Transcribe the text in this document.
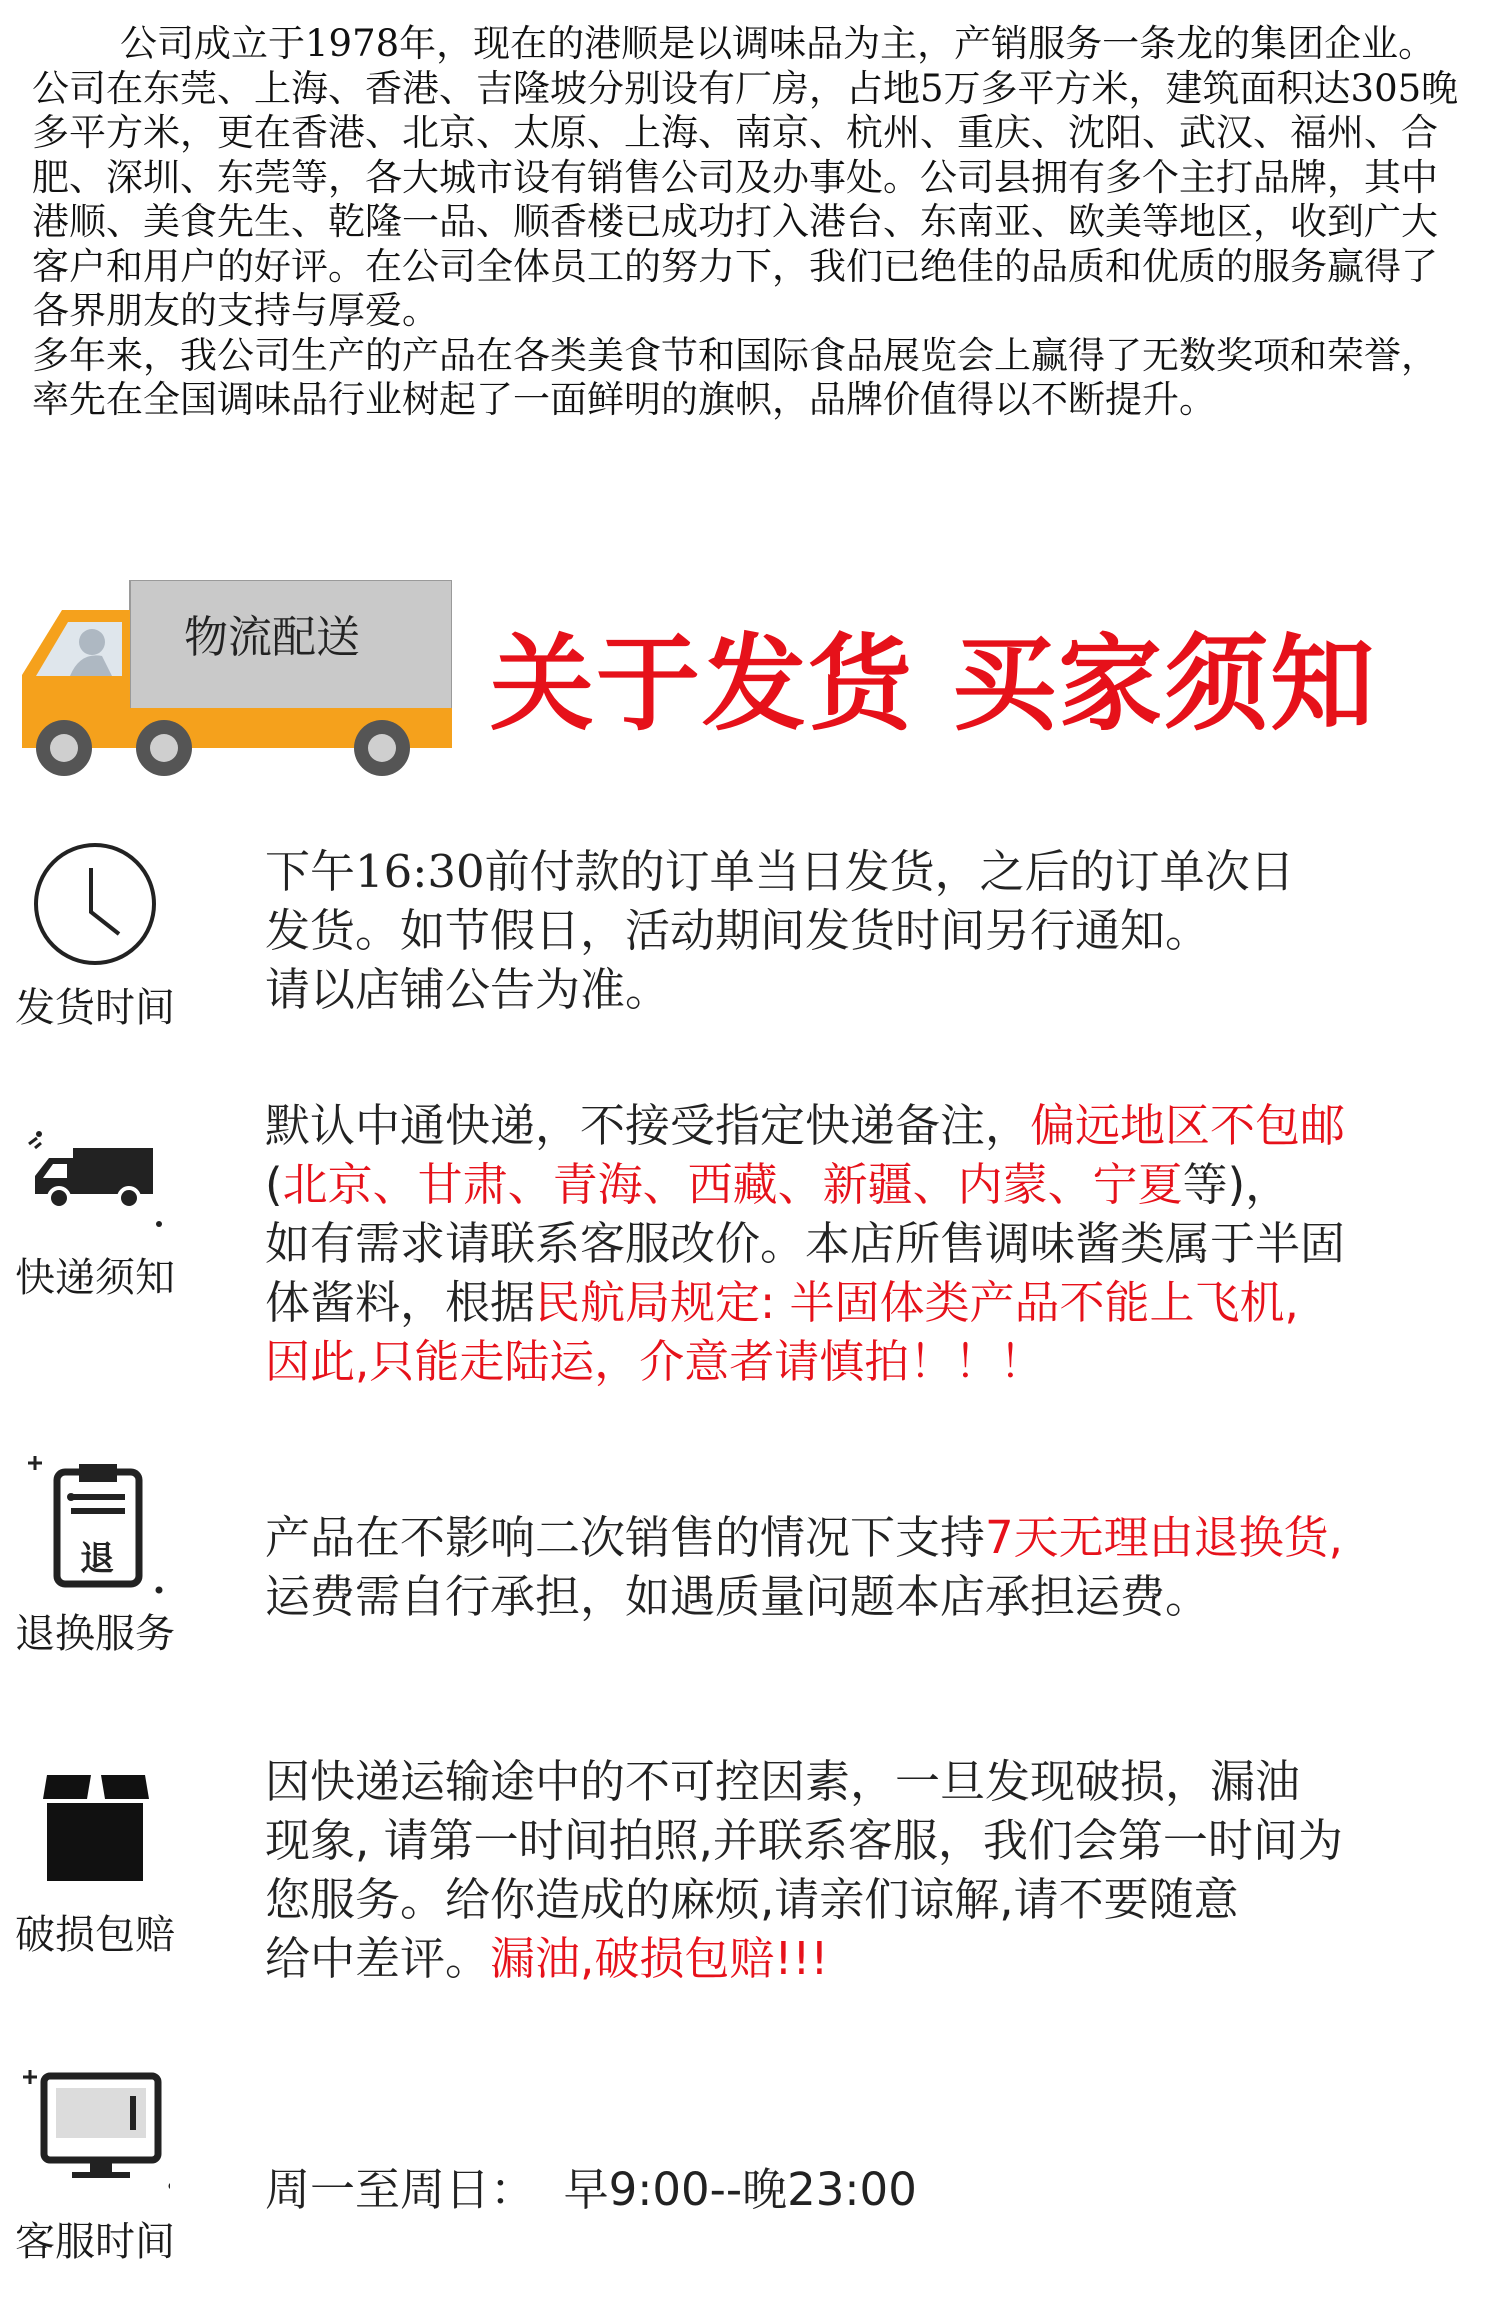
公司成立于1978年，现在的港顺是以调味品为主，产销服务一条龙的集团企业。公司在东莞、上海、香港、吉隆坡分别设有厂房，占地5万多平方米，建筑面积达305晚多平方米，更在香港、北京、太原、上海、南京、杭州、重庆、沈阳、武汉、福州、合肥、深圳、东莞等，各大城市设有销售公司及办事处。公司县拥有多个主打品牌，其中港顺、美食先生、乾隆一品、顺香楼已成功打入港台、东南亚、欧美等地区，收到广大客户和用户的好评。在公司全体员工的努力下，我们已绝佳的品质和优质的服务赢得了各界朋友的支持与厚爱。

多年来，我公司生产的产品在各类美食节和国际食品展览会上赢得了无数奖项和荣誉，率先在全国调味品行业树起了一面鲜明的旗帜，品牌价值得以不断提升。

物流配送 关于发货 买家须知
发货时间

下午16:30前付款的订单当日发货，之后的订单次日

发货。如节假日，活动期间发货时间另行通知。

请以店铺公告为准。

快递须知

默认中通快递，不接受指定快递备注，偏远地区不包邮

(北京、甘肃、青海、西藏、新疆、内蒙、宁夏等)，

如有需求请联系客服改价。本店所售调味酱类属于半固

体酱料，根据民航局规定: 半固体类产品不能上飞机,

因此,只能走陆运，介意者请慎拍！！！

退
退换服务

产品在不影响二次销售的情况下支持7天无理由退换货,

运费需自行承担，如遇质量问题本店承担运费。

破损包赔

因快递运输途中的不可控因素，一旦发现破损，漏油

现象, 请第一时间拍照,并联系客服，我们会第一时间为

您服务。给你造成的麻烦,请亲们谅解,请不要随意

给中差评。漏油,破损包赔!!!

客服时间

周一至周日：  早9:00--晚23:00
